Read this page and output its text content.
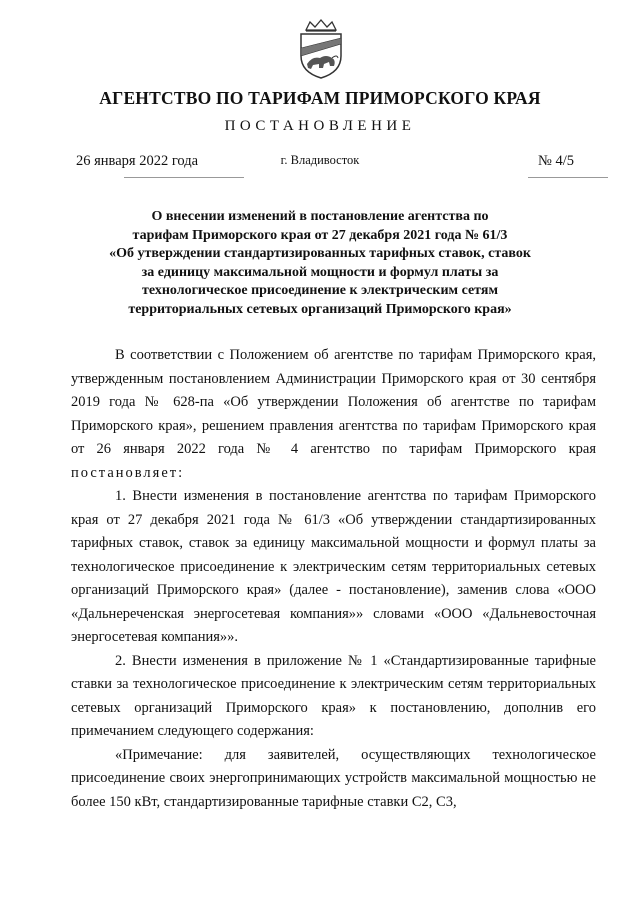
АГЕНТСТВО ПО ТАРИФАМ ПРИМОРСКОГО КРАЯ
ПОСТАНОВЛЕНИЕ
26 января 2022 года	г. Владивосток	№ 4/5
О внесении изменений в постановление агентства по
тарифам Приморского края от 27 декабря 2021 года № 61/3
«Об утверждении стандартизированных тарифных ставок, ставок
за единицу максимальной мощности и формул платы за
технологическое присоединение к электрическим сетям
территориальных сетевых организаций Приморского края»

В соответствии с Положением об агентстве по тарифам Приморского края, утвержденным постановлением Администрации Приморского края от 30 сентября 2019 года № 628-па «Об утверждении Положения об агентстве по тарифам Приморского края», решением правления агентства по тарифам Приморского края от 26 января 2022 года № 4 агентство по тарифам Приморского края постановляет:

1. Внести изменения в постановление агентства по тарифам Приморского края от 27 декабря 2021 года № 61/3 «Об утверждении стандартизированных тарифных ставок, ставок за единицу максимальной мощности и формул платы за технологическое присоединение к электрическим сетям территориальных сетевых организаций Приморского края» (далее - постановление), заменив слова «ООО «Дальнереченская энергосетевая компания»» словами «ООО «Дальневосточная энергосетевая компания»».

2. Внести изменения в приложение № 1 «Стандартизированные тарифные ставки за технологическое присоединение к электрическим сетям территориальных сетевых организаций Приморского края» к постановлению, дополнив его примечанием следующего содержания:

«Примечание: для заявителей, осуществляющих технологическое присоединение своих энергопринимающих устройств максимальной мощностью не более 150 кВт, стандартизированные тарифные ставки С2, С3,
